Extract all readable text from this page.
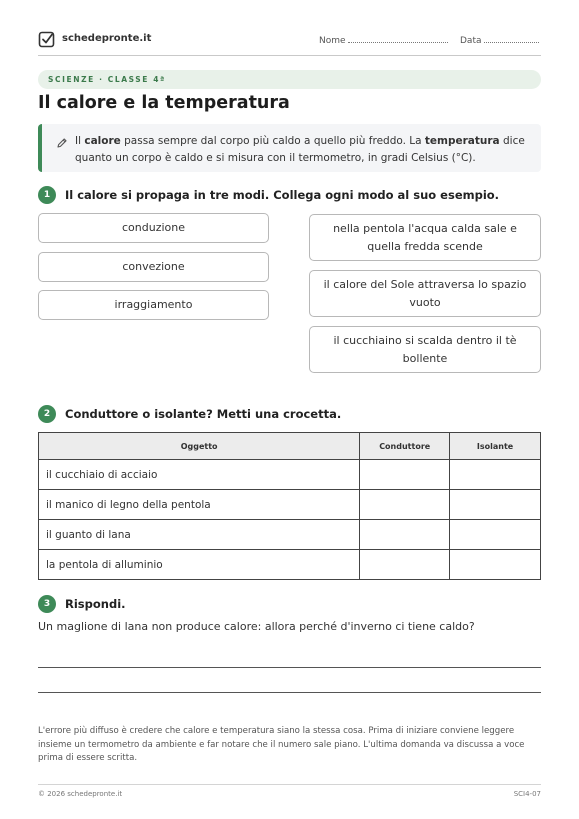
schedepronte.it	Nome	Data
SCIENZE · CLASSE 4ª
Il calore e la temperatura
Il calore passa sempre dal corpo più caldo a quello più freddo. La temperatura dice quanto un corpo è caldo e si misura con il termometro, in gradi Celsius (°C).
1	Il calore si propaga in tre modi. Collega ogni modo al suo esempio.
conduzione
convezione
irraggiamento
nella pentola l'acqua calda sale e quella fredda scende
il calore del Sole attraversa lo spazio vuoto
il cucchiaino si scalda dentro il tè bollente
2	Conduttore o isolante? Metti una crocetta.
Oggetto	Conduttore	Isolante
il cucchiaio di acciaio		
il manico di legno della pentola		
il guanto di lana		
la pentola di alluminio		
3	Rispondi.
Un maglione di lana non produce calore: allora perché d'inverno ci tiene caldo?
L'errore più diffuso è credere che calore e temperatura siano la stessa cosa. Prima di iniziare conviene leggere insieme un termometro da ambiente e far notare che il numero sale piano. L'ultima domanda va discussa a voce prima di essere scritta.
© 2026 schedepronte.it	SCI4-07
